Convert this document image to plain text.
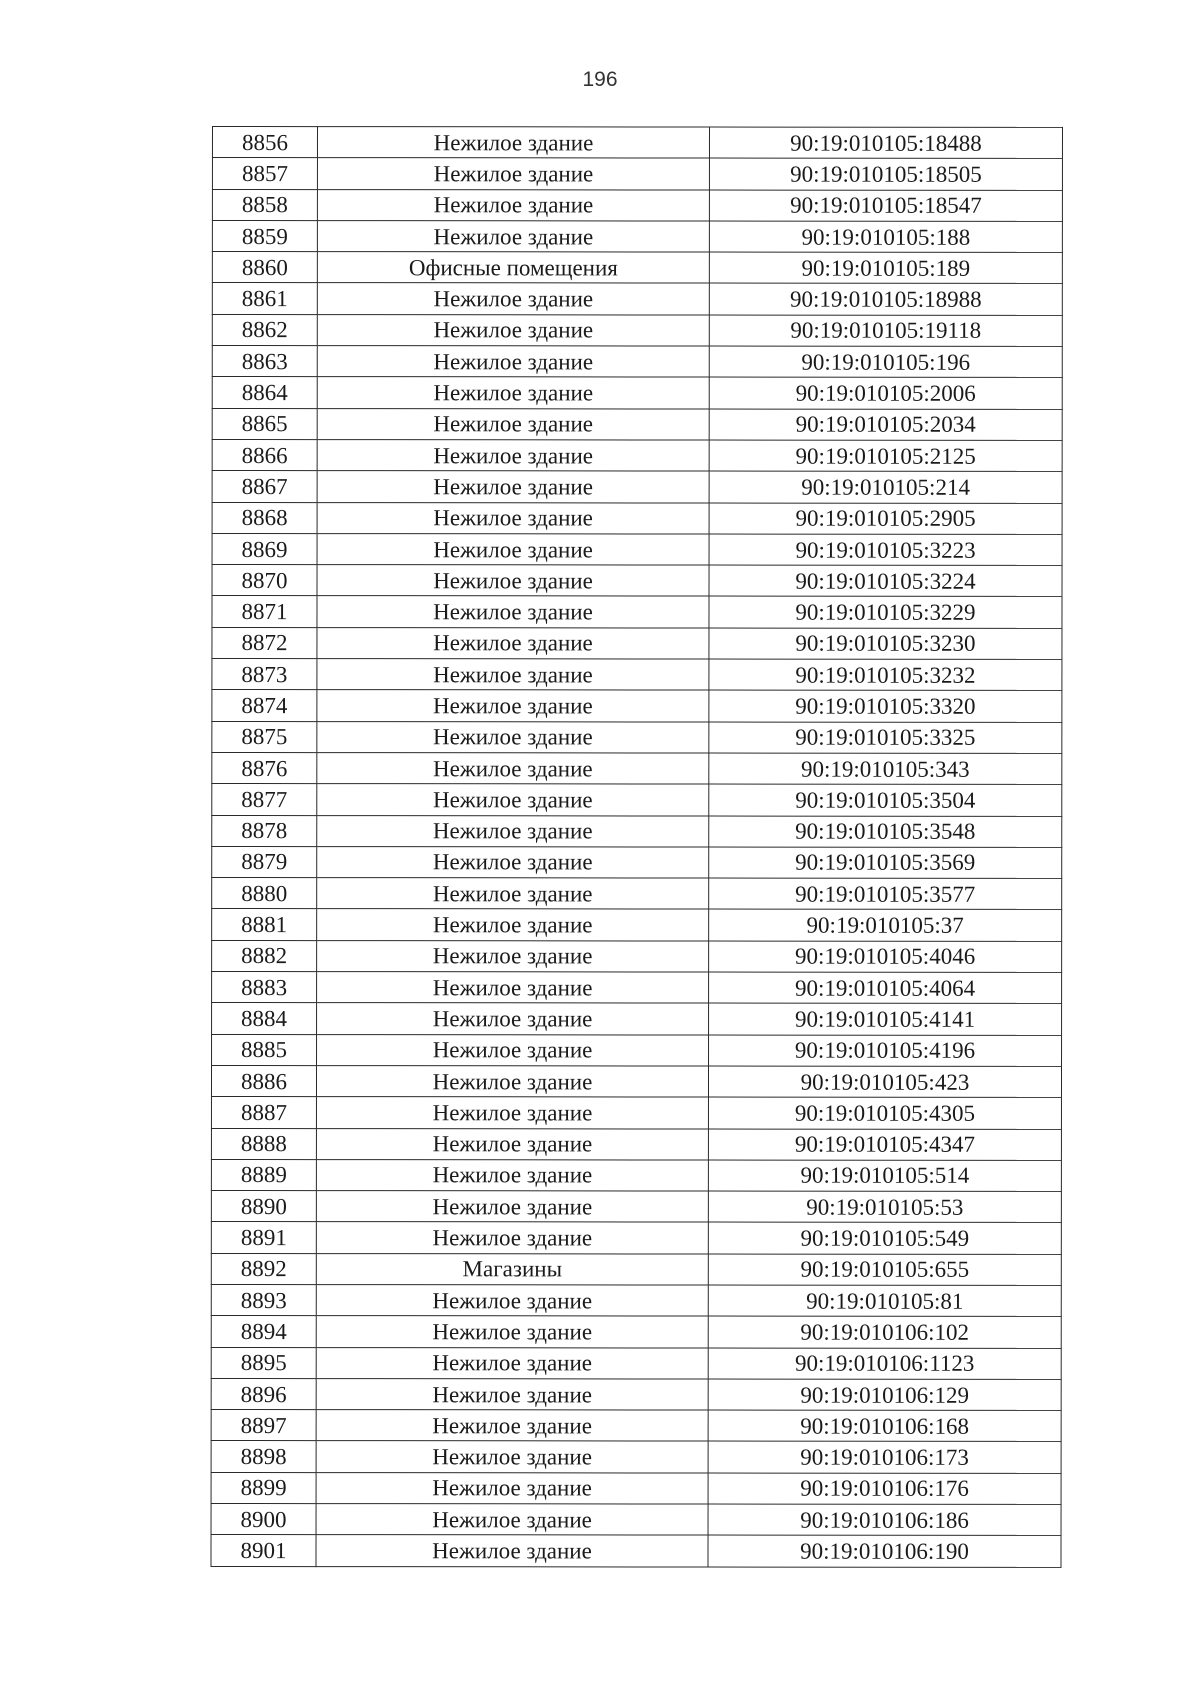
196
8856	Нежилое здание	90:19:010105:18488
8857	Нежилое здание	90:19:010105:18505
8858	Нежилое здание	90:19:010105:18547
8859	Нежилое здание	90:19:010105:188
8860	Офисные помещения	90:19:010105:189
8861	Нежилое здание	90:19:010105:18988
8862	Нежилое здание	90:19:010105:19118
8863	Нежилое здание	90:19:010105:196
8864	Нежилое здание	90:19:010105:2006
8865	Нежилое здание	90:19:010105:2034
8866	Нежилое здание	90:19:010105:2125
8867	Нежилое здание	90:19:010105:214
8868	Нежилое здание	90:19:010105:2905
8869	Нежилое здание	90:19:010105:3223
8870	Нежилое здание	90:19:010105:3224
8871	Нежилое здание	90:19:010105:3229
8872	Нежилое здание	90:19:010105:3230
8873	Нежилое здание	90:19:010105:3232
8874	Нежилое здание	90:19:010105:3320
8875	Нежилое здание	90:19:010105:3325
8876	Нежилое здание	90:19:010105:343
8877	Нежилое здание	90:19:010105:3504
8878	Нежилое здание	90:19:010105:3548
8879	Нежилое здание	90:19:010105:3569
8880	Нежилое здание	90:19:010105:3577
8881	Нежилое здание	90:19:010105:37
8882	Нежилое здание	90:19:010105:4046
8883	Нежилое здание	90:19:010105:4064
8884	Нежилое здание	90:19:010105:4141
8885	Нежилое здание	90:19:010105:4196
8886	Нежилое здание	90:19:010105:423
8887	Нежилое здание	90:19:010105:4305
8888	Нежилое здание	90:19:010105:4347
8889	Нежилое здание	90:19:010105:514
8890	Нежилое здание	90:19:010105:53
8891	Нежилое здание	90:19:010105:549
8892	Магазины	90:19:010105:655
8893	Нежилое здание	90:19:010105:81
8894	Нежилое здание	90:19:010106:102
8895	Нежилое здание	90:19:010106:1123
8896	Нежилое здание	90:19:010106:129
8897	Нежилое здание	90:19:010106:168
8898	Нежилое здание	90:19:010106:173
8899	Нежилое здание	90:19:010106:176
8900	Нежилое здание	90:19:010106:186
8901	Нежилое здание	90:19:010106:190
